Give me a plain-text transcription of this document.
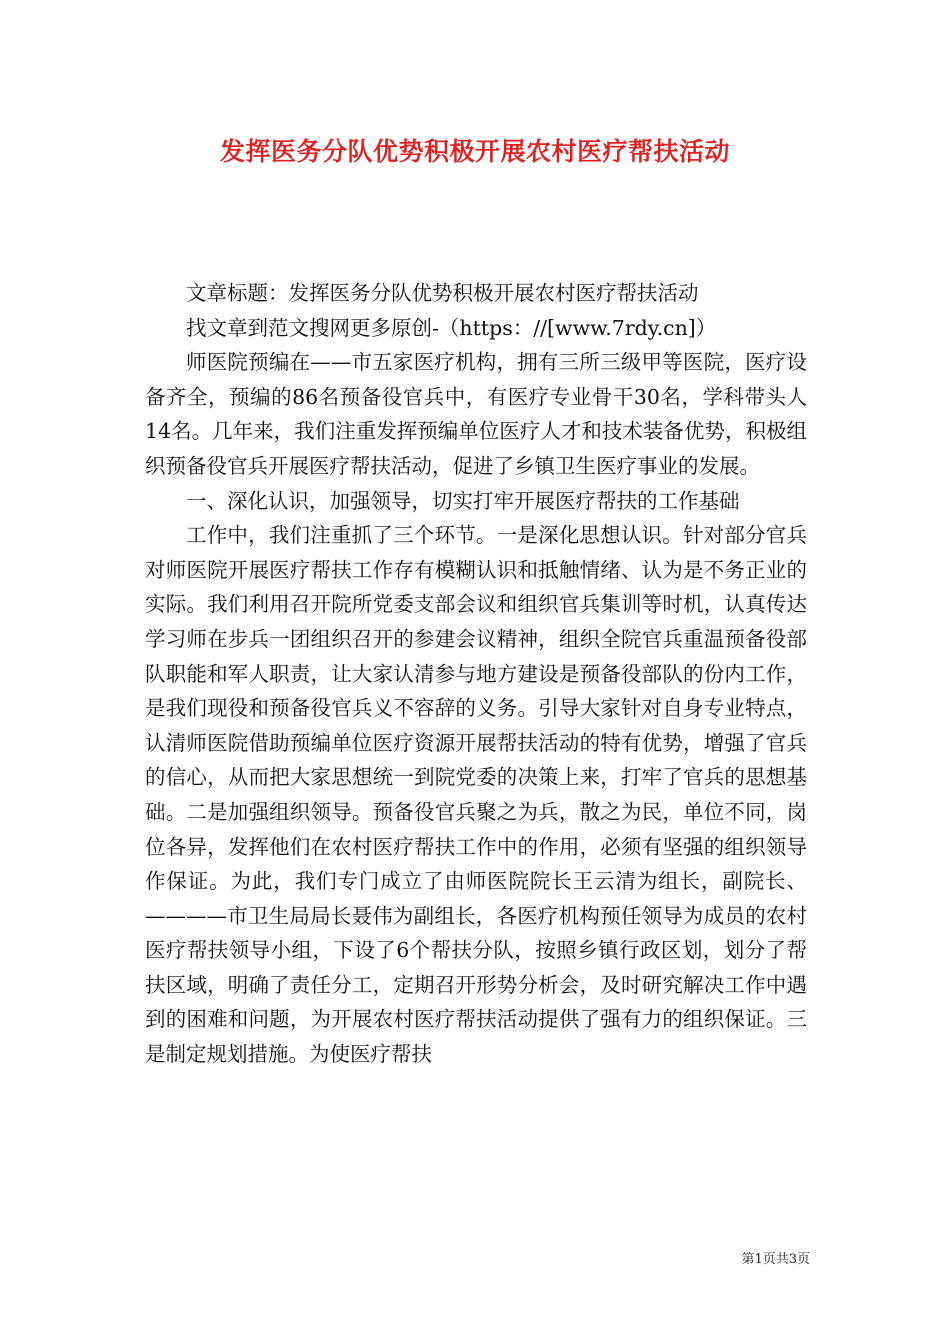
发挥医务分队优势积极开展农村医疗帮扶活动

文章标题：发挥医务分队优势积极开展农村医疗帮扶活动

找文章到范文搜网更多原创-（https：//[www.7rdy.cn]）

师医院预编在——市五家医疗机构，拥有三所三级甲等医院，医疗设备齐全，预编的86名预备役官兵中，有医疗专业骨干30名，学科带头人14名。几年来，我们注重发挥预编单位医疗人才和技术装备优势，积极组织预备役官兵开展医疗帮扶活动，促进了乡镇卫生医疗事业的发展。

一、深化认识，加强领导，切实打牢开展医疗帮扶的工作基础

工作中，我们注重抓了三个环节。一是深化思想认识。针对部分官兵对师医院开展医疗帮扶工作存有模糊认识和抵触情绪、认为是不务正业的实际。我们利用召开院所党委支部会议和组织官兵集训等时机，认真传达学习师在步兵一团组织召开的参建会议精神，组织全院官兵重温预备役部队职能和军人职责，让大家认清参与地方建设是预备役部队的份内工作，是我们现役和预备役官兵义不容辞的义务。引导大家针对自身专业特点，认清师医院借助预编单位医疗资源开展帮扶活动的特有优势，增强了官兵的信心，从而把大家思想统一到院党委的决策上来，打牢了官兵的思想基础。二是加强组织领导。预备役官兵聚之为兵，散之为民，单位不同，岗位各异，发挥他们在农村医疗帮扶工作中的作用，必须有坚强的组织领导作保证。为此，我们专门成立了由师医院院长王云清为组长，副院长、————市卫生局局长聂伟为副组长，各医疗机构预任领导为成员的农村医疗帮扶领导小组，下设了6个帮扶分队，按照乡镇行政区划，划分了帮扶区域，明确了责任分工，定期召开形势分析会，及时研究解决工作中遇到的困难和问题，为开展农村医疗帮扶活动提供了强有力的组织保证。三是制定规划措施。为使医疗帮扶

第1页共3页
